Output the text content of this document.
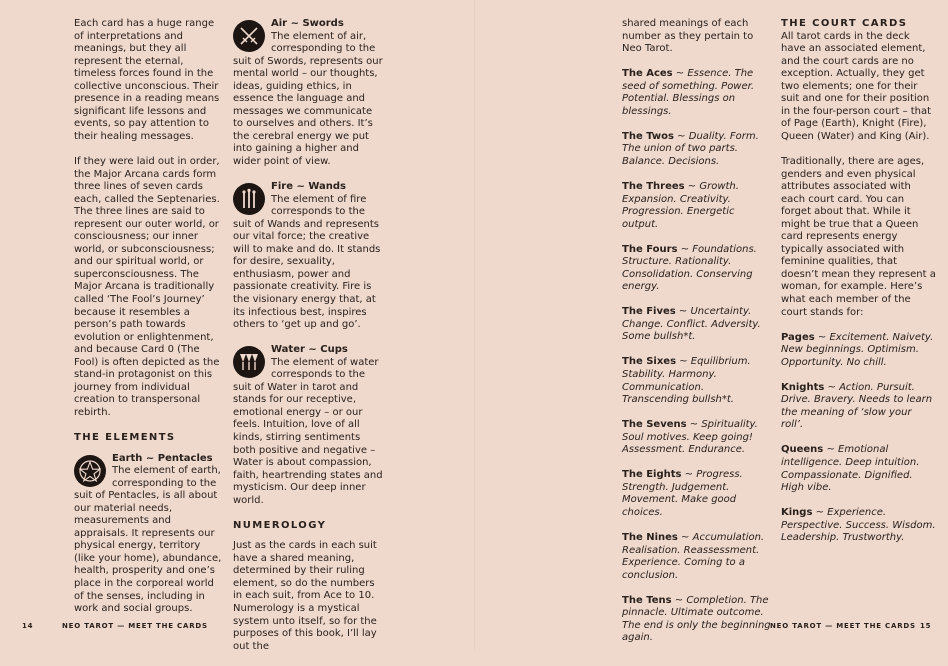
Each card has a huge range of interpretations and meanings, but they all represent the eternal, timeless forces found in the collective unconscious. Their presence in a reading means significant life lessons and events, so pay attention to their healing messages.

If they were laid out in order, the Major Arcana cards form three lines of seven cards each, called the Septenaries. The three lines are said to represent our outer world, or consciousness; our inner world, or subconsciousness; and our spiritual world, or superconsciousness. The Major Arcana is traditionally called ‘The Fool’s Journey’ because it resembles a person’s path towards evolution or enlightenment, and because Card 0 (The Fool) is often depicted as the stand-in protagonist on this journey from individual creation to transpersonal rebirth.

THE ELEMENTS
Earth ~ Pentacles
The element of earth, corresponding to the suit of Pentacles, is all about our material needs, measurements and appraisals. It represents our physical energy, territory (like your home), abundance, health, prosperity and one’s place in the corporeal world of the senses, including in work and social groups.
Air ~ Swords
The element of air, corresponding to the suit of Swords, represents our mental world – our thoughts, ideas, guiding ethics, in essence the language and messages we communicate to ourselves and others. It’s the cerebral energy we put into gaining a higher and wider point of view.
Fire ~ Wands
The element of fire corresponds to the suit of Wands and represents our vital force; the creative will to make and do. It stands for desire, sexuality, enthusiasm, power and passionate creativity. Fire is the visionary energy that, at its infectious best, inspires others to ‘get up and go’.
Water ~ Cups
The element of water corresponds to the suit of Water in tarot and stands for our receptive, emotional energy – or our feels. Intuition, love of all kinds, stirring sentiments both positive and negative – Water is about compassion, faith, heartrending states and mysticism. Our deep inner world.
NUMEROLOGY

Just as the cards in each suit have a shared meaning, determined by their ruling element, so do the numbers in each suit, from Ace to 10. Numerology is a mystical system unto itself, so for the purposes of this book, I’ll lay out the

shared meanings of each number as they pertain to Neo Tarot.

The Aces ~ Essence. The seed of something. Power. Potential. Blessings on blessings.
The Twos ~ Duality. Form. The union of two parts. Balance. Decisions.
The Threes ~ Growth. Expansion. Creativity. Progression. Energetic output.
The Fours ~ Foundations. Structure. Rationality. Consolidation. Conserving energy.
The Fives ~ Uncertainty. Change. Conflict. Adversity. Some bullsh*t.
The Sixes ~ Equilibrium. Stability. Harmony. Communication. Transcending bullsh*t.
The Sevens ~ Spirituality. Soul motives. Keep going! Assessment. Endurance.
The Eights ~ Progress. Strength. Judgement. Movement. Make good choices.
The Nines ~ Accumulation. Realisation. Reassessment. Experience. Coming to a conclusion.
The Tens ~ Completion. The pinnacle. Ultimate outcome. The end is only the beginning again.
THE COURT CARDS

All tarot cards in the deck have an associated element, and the court cards are no exception. Actually, they get two elements; one for their suit and one for their position in the four-person court – that of Page (Earth), Knight (Fire), Queen (Water) and King (Air).

Traditionally, there are ages, genders and even physical attributes associated with each court card. You can forget about that. While it might be true that a Queen card represents energy typically associated with feminine qualities, that doesn’t mean they represent a woman, for example. Here’s what each member of the court stands for:

Pages ~ Excitement. Naivety. New beginnings. Optimism. Opportunity. No chill.
Knights ~ Action. Pursuit. Drive. Bravery. Needs to learn the meaning of ‘slow your roll’.
Queens ~ Emotional intelligence. Deep intuition. Compassionate. Dignified. High vibe.
Kings ~ Experience. Perspective. Success. Wisdom. Leadership. Trustworthy.
14	NEO TAROT — MEET THE CARDS	NEO TAROT — MEET THE CARDS 15
